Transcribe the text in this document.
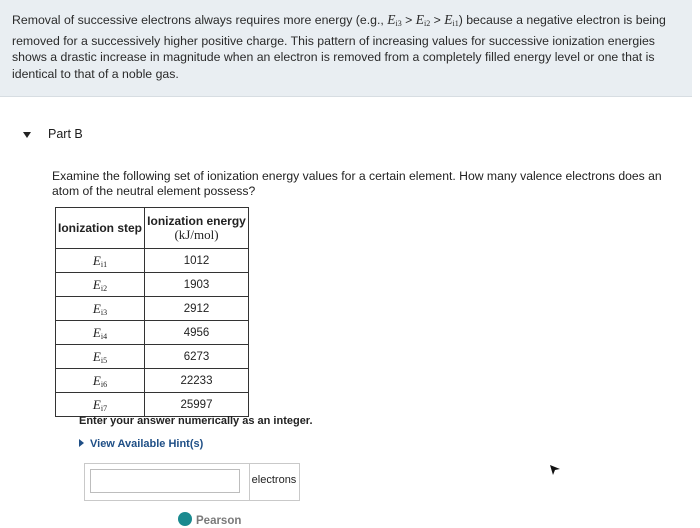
Removal of successive electrons always requires more energy (e.g., $E_{i3} > E_{i2} > E_{i1}$) because a negative electron is being removed for a successively higher positive charge. This pattern of increasing values for successive ionization energies shows a drastic increase in magnitude when an electron is removed from a completely filled energy level or one that is identical to that of a noble gas.
Part B
Examine the following set of ionization energy values for a certain element. How many valence electrons does an atom of the neutral element possess?
Ionization step	Ionization energy
(kJ/mol)

$E_{i1}$	1012
$E_{i2}$	1903
$E_{i3}$	2912
$E_{i4}$	4956
$E_{i5}$	6273
$E_{i6}$	22233
$E_{i7}$	25997
Enter your answer numerically as an integer.
View Available Hint(s)
electrons
Pearson
